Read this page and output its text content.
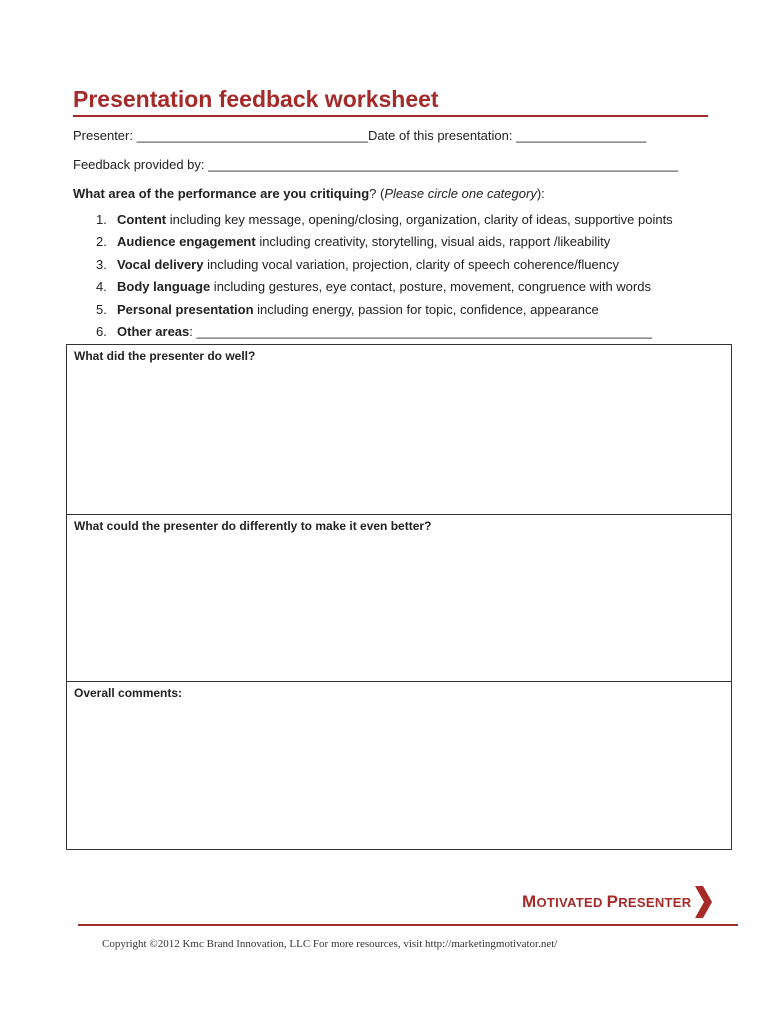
Presentation feedback worksheet
Presenter: ________________________________Date of this presentation: __________________
Feedback provided by: _________________________________________________________________
What area of the performance are you critiquing? (Please circle one category):
1. Content including key message, opening/closing, organization, clarity of ideas, supportive points
2. Audience engagement including creativity, storytelling, visual aids, rapport /likeability
3. Vocal delivery including vocal variation, projection, clarity of speech coherence/fluency
4. Body language including gestures, eye contact, posture, movement, congruence with words
5. Personal presentation including energy, passion for topic, confidence, appearance
6. Other areas: _______________________________________________________________
What did the presenter do well?
What could the presenter do differently to make it even better?
Overall comments:
MOTIVATED PRESENTER
Copyright ©2012 Kmc Brand Innovation, LLC For more resources, visit http://marketingmotivator.net/
